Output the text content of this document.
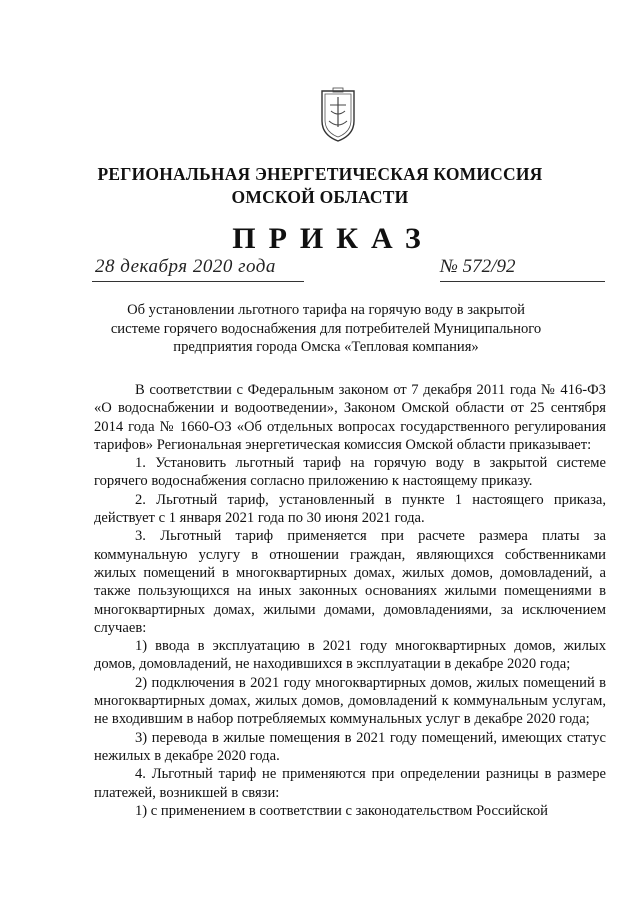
РЕГИОНАЛЬНАЯ ЭНЕРГЕТИЧЕСКАЯ КОМИССИЯ
ОМСКОЙ ОБЛАСТИ
ПРИКАЗ
28 декабря 2020 года	№ 572/92
Об установлении льготного тарифа на горячую воду в закрытой
системе горячего водоснабжения для потребителей Муниципального
предприятия города Омска «Тепловая компания»

В соответствии с Федеральным законом от 7 декабря 2011 года № 416-ФЗ «О водоснабжении и водоотведении», Законом Омской области от 25 сентября 2014 года № 1660-ОЗ «Об отдельных вопросах государственного регулирования тарифов» Региональная энергетическая комиссия Омской области приказывает:

1. Установить льготный тариф на горячую воду в закрытой системе горячего водоснабжения согласно приложению к настоящему приказу.

2. Льготный тариф, установленный в пункте 1 настоящего приказа, действует с 1 января 2021 года по 30 июня 2021 года.

3. Льготный тариф применяется при расчете размера платы за коммунальную услугу в отношении граждан, являющихся собственниками жилых помещений в многоквартирных домах, жилых домов, домовладений, а также пользующихся на иных законных основаниях жилыми помещениями в многоквартирных домах, жилыми домами, домовладениями, за исключением случаев:

1) ввода в эксплуатацию в 2021 году многоквартирных домов, жилых домов, домовладений, не находившихся в эксплуатации в декабре 2020 года;

2) подключения в 2021 году многоквартирных домов, жилых помещений в многоквартирных домах, жилых домов, домовладений к коммунальным услугам, не входившим в набор потребляемых коммунальных услуг в декабре 2020 года;

3) перевода в жилые помещения в 2021 году помещений, имеющих статус нежилых в декабре 2020 года.

4. Льготный тариф не применяются при определении разницы в размере платежей, возникшей в связи:

1) с применением в соответствии с законодательством Российской
